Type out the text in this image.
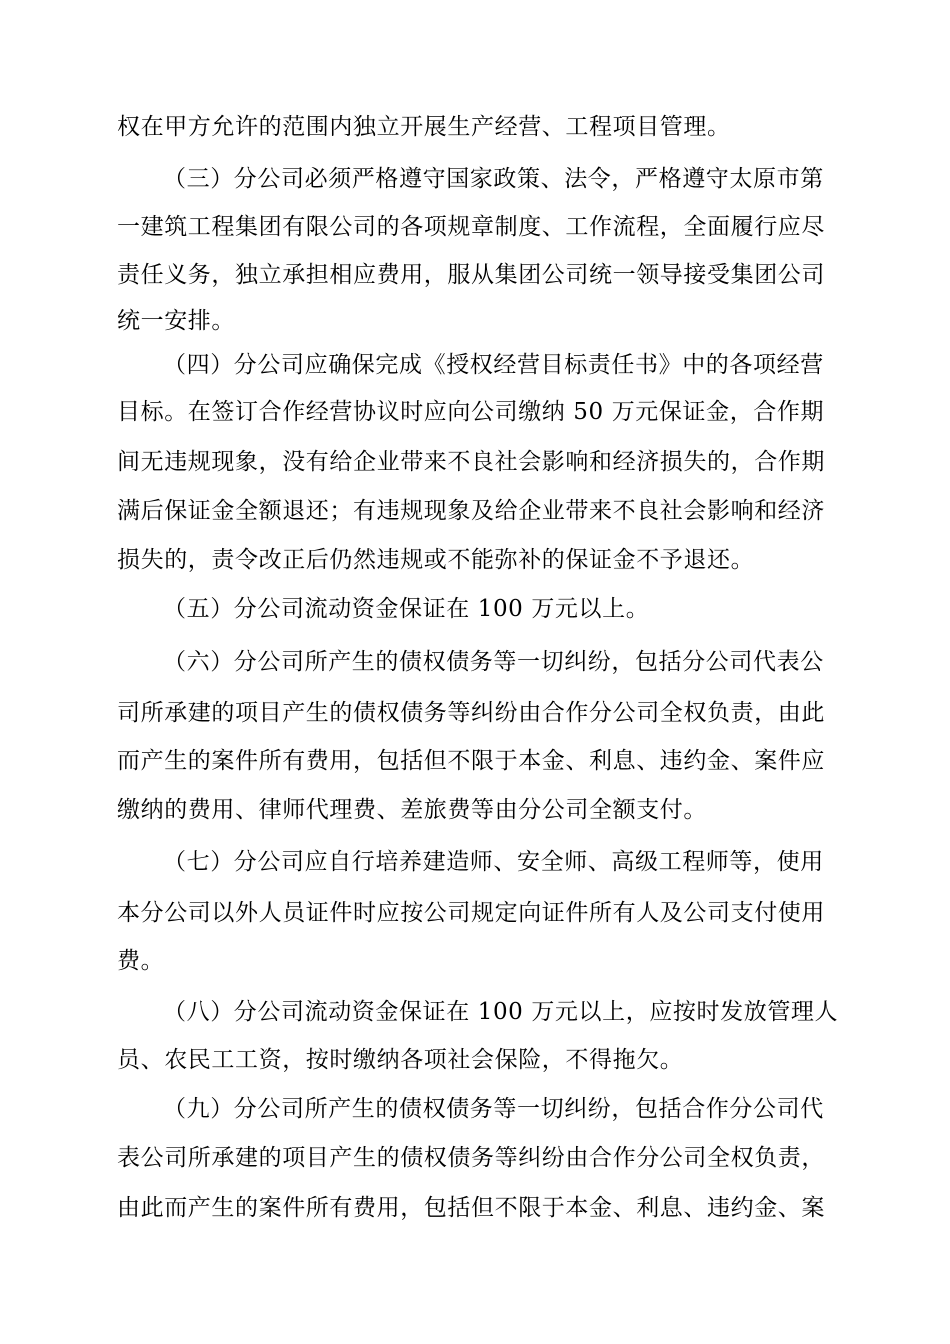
权在甲方允许的范围内独立开展生产经营、工程项目管理。
（三）分公司必须严格遵守国家政策、法令，严格遵守太原市第
一建筑工程集团有限公司的各项规章制度、工作流程，全面履行应尽
责任义务，独立承担相应费用，服从集团公司统一领导接受集团公司
统一安排。
（四）分公司应确保完成《授权经营目标责任书》中的各项经营
目标。在签订合作经营协议时应向公司缴纳 50 万元保证金，合作期
间无违规现象，没有给企业带来不良社会影响和经济损失的，合作期
满后保证金全额退还；有违规现象及给企业带来不良社会影响和经济
损失的，责令改正后仍然违规或不能弥补的保证金不予退还。
（五）分公司流动资金保证在 100 万元以上。
（六）分公司所产生的债权债务等一切纠纷，包括分公司代表公
司所承建的项目产生的债权债务等纠纷由合作分公司全权负责，由此
而产生的案件所有费用，包括但不限于本金、利息、违约金、案件应
缴纳的费用、律师代理费、差旅费等由分公司全额支付。
（七）分公司应自行培养建造师、安全师、高级工程师等，使用
本分公司以外人员证件时应按公司规定向证件所有人及公司支付使用
费。
（八）分公司流动资金保证在 100 万元以上，应按时发放管理人
员、农民工工资，按时缴纳各项社会保险，不得拖欠。
（九）分公司所产生的债权债务等一切纠纷，包括合作分公司代
表公司所承建的项目产生的债权债务等纠纷由合作分公司全权负责，
由此而产生的案件所有费用，包括但不限于本金、利息、违约金、案
